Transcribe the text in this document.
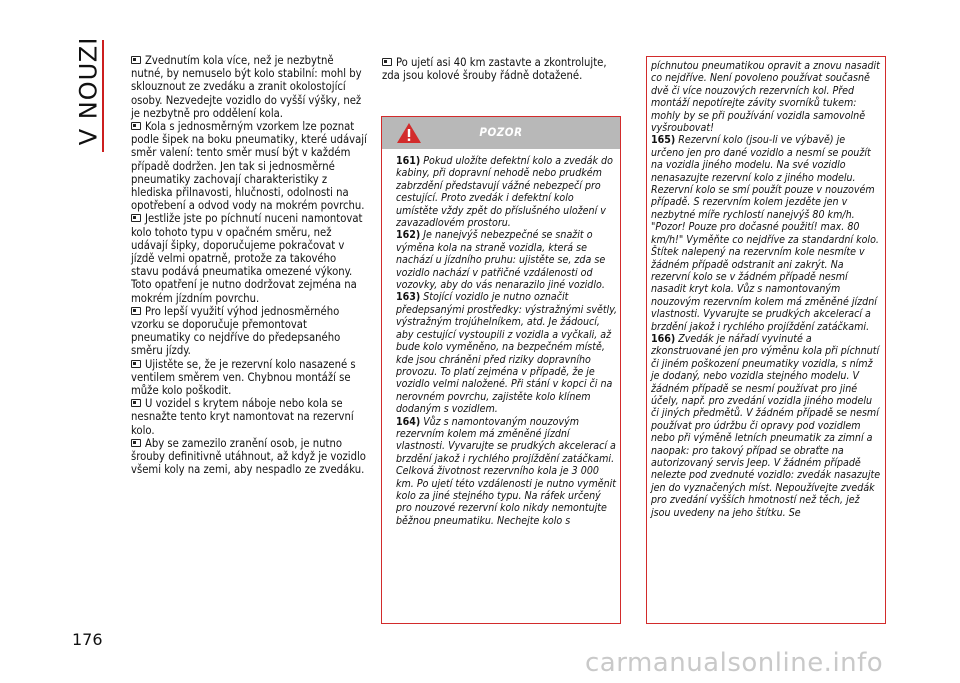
V NOUZI	Zvednutím kola více, než je nezbytně nutné, by nemuselo být kolo stabilní: mohl by sklouznout ze zvedáku a zranit okolostojící osoby. Nezvedejte vozidlo do vyšší výšky, než je nezbytně pro oddělení kola.

Kola s jednosměrným vzorkem lze poznat podle šipek na boku pneumatiky, které udávají směr valení: tento směr musí být v každém případě dodržen. Jen tak si jednosměrné pneumatiky zachovají charakteristiky z hlediska přilnavosti, hlučnosti, odolnosti na opotřebení a odvod vody na mokrém povrchu.

Jestliže jste po píchnutí nuceni namontovat kolo tohoto typu v opačném směru, než udávají šipky, doporučujeme pokračovat v jízdě velmi opatrně, protože za takového stavu podává pneumatika omezené výkony. Toto opatření je nutno dodržovat zejména na mokrém jízdním povrchu.

Pro lepší využití výhod jednosměrného vzorku se doporučuje přemontovat pneumatiky co nejdříve do předepsaného směru jízdy.

Ujistěte se, že je rezervní kolo nasazené s ventilem směrem ven. Chybnou montáží se může kolo poškodit.

U vozidel s krytem náboje nebo kola se nesnažte tento kryt namontovat na rezervní kolo.

Aby se zamezilo zranění osob, je nutno šrouby definitivně utáhnout, až když je vozidlo všemi koly na zemi, aby nespadlo ze zvedáku.

Po ujetí asi 40 km zastavte a zkontrolujte, zda jsou kolové šrouby řádně dotažené.

POZOR
161) Pokud uložíte defektní kolo a zvedák do kabiny, při dopravní nehodě nebo prudkém zabrzdění představují vážné nebezpečí pro cestující. Proto zvedák i defektní kolo umístěte vždy zpět do příslušného uložení v zavazadlovém prostoru.
162) Je nanejvýš nebezpečné se snažit o výměna kola na straně vozidla, která se nachází u jízdního pruhu: ujistěte se, zda se vozidlo nachází v patřičné vzdálenosti od vozovky, aby do vás nenarazilo jiné vozidlo.
163) Stojící vozidlo je nutno označit předepsanými prostředky: výstražnými světly, výstražným trojúhelníkem, atd. Je žádoucí, aby cestující vystoupili z vozidla a vyčkali, až bude kolo vyměněno, na bezpečném místě, kde jsou chráněni před riziky dopravního provozu. To platí zejména v případě, že je vozidlo velmi naložené. Při stání v kopci či na nerovném povrchu, zajistěte kolo klínem dodaným s vozidlem.
164) Vůz s namontovaným nouzovým rezervním kolem má změněné jízdní vlastnosti. Vyvarujte se prudkých akcelerací a brzdění jakož i rychlého projíždění zatáčkami. Celková životnost rezervního kola je 3 000 km. Po ujetí této vzdálenosti je nutno vyměnit kolo za jiné stejného typu. Na ráfek určený pro nouzové rezervní kolo nikdy nemontujte běžnou pneumatiku. Nechejte kolo s
píchnutou pneumatikou opravit a znovu nasadit co nejdříve. Není povoleno používat současně dvě či více nouzových rezervních kol. Před montáží nepotírejte závity svorníků tukem: mohly by se při používání vozidla samovolně vyšroubovat!
165) Rezervní kolo (jsou-li ve výbavě) je určeno jen pro dané vozidlo a nesmí se použít na vozidla jiného modelu. Na své vozidlo nenasazujte rezervní kolo z jiného modelu. Rezervní kolo se smí použít pouze v nouzovém případě. S rezervním kolem jezděte jen v nezbytné míře rychlostí nanejvýš 80 km/h. "Pozor! Pouze pro dočasné použití! max. 80 km/h!" Vyměňte co nejdříve za standardní kolo. Štítek nalepený na rezervním kole nesmíte v žádném případě odstranit ani zakrýt. Na rezervní kolo se v žádném případě nesmí nasadit kryt kola. Vůz s namontovaným nouzovým rezervním kolem má změněné jízdní vlastnosti. Vyvarujte se prudkých akcelerací a brzdění jakož i rychlého projíždění zatáčkami.
166) Zvedák je nářadí vyvinuté a zkonstruované jen pro výměnu kola při píchnutí či jiném poškození pneumatiky vozidla, s nímž je dodaný, nebo vozidla stejného modelu. V žádném případě se nesmí používat pro jiné účely, např. pro zvedání vozidla jiného modelu či jiných předmětů. V žádném případě se nesmí používat pro údržbu či opravy pod vozidlem nebo při výměně letních pneumatik za zimní a naopak: pro takový případ se obraťte na autorizovaný servis Jeep. V žádném případě nelezte pod zvednuté vozidlo: zvedák nasazujte jen do vyznačených míst. Nepoužívejte zvedák pro zvedání vyšších hmotností než těch, jež jsou uvedeny na jeho štítku. Se
176
carmanualsonline.info
